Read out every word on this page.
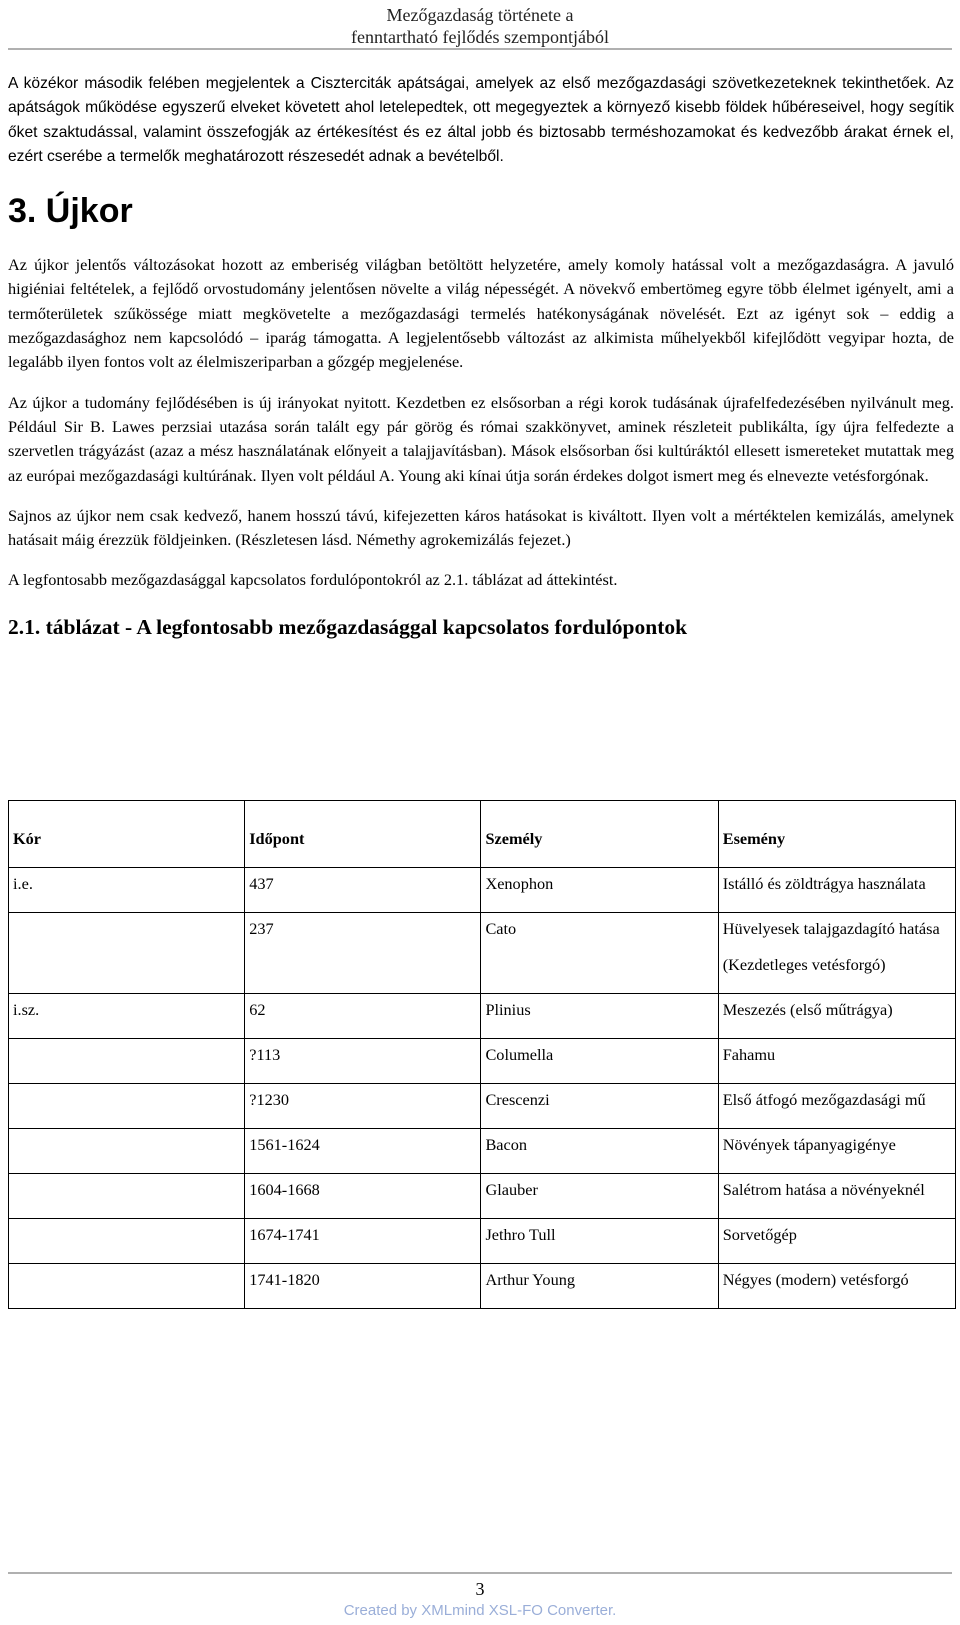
Mezőgazdaság története a
fenntartható fejlődés szempontjából

A közékor második felében megjelentek a Ciszterciták apátságai, amelyek az első mezőgazdasági szövetkezeteknek tekinthetőek. Az apátságok működése egyszerű elveket követett ahol letelepedtek, ott megegyeztek a környező kisebb földek hűbéreseivel, hogy segítik őket szaktudással, valamint összefogják az értékesítést és ez által jobb és biztosabb terméshozamokat és kedvezőbb árakat érnek el, ezért cserébe a termelők meghatározott részesedét adnak a bevételből.

3. Újkor

Az újkor jelentős változásokat hozott az emberiség világban betöltött helyzetére, amely komoly hatással volt a mezőgazdaságra. A javuló higiéniai feltételek, a fejlődő orvostudomány jelentősen növelte a világ népességét. A növekvő embertömeg egyre több élelmet igényelt, ami a termőterületek szűkössége miatt megkövetelte a mezőgazdasági termelés hatékonyságának növelését. Ezt az igényt sok – eddig a mezőgazdasághoz nem kapcsolódó – iparág támogatta. A legjelentősebb változást az alkimista műhelyekből kifejlődött vegyipar hozta, de legalább ilyen fontos volt az élelmiszeriparban a gőzgép megjelenése.

Az újkor a tudomány fejlődésében is új irányokat nyitott. Kezdetben ez elsősorban a régi korok tudásának újrafelfedezésében nyilvánult meg. Például Sir B. Lawes perzsiai utazása során talált egy pár görög és római szakkönyvet, aminek részleteit publikálta, így újra felfedezte a szervetlen trágyázást (azaz a mész használatának előnyeit a talajjavításban). Mások elsősorban ősi kultúráktól ellesett ismereteket mutattak meg az európai mezőgazdasági kultúrának. Ilyen volt például A. Young aki kínai útja során érdekes dolgot ismert meg és elnevezte vetésforgónak.

Sajnos az újkor nem csak kedvező, hanem hosszú távú, kifejezetten káros hatásokat is kiváltott. Ilyen volt a mértéktelen kemizálás, amelynek hatásait máig érezzük földjeinken. (Részletesen lásd. Némethy agrokemizálás fejezet.)

A legfontosabb mezőgazdasággal kapcsolatos fordulópontokról az 2.1. táblázat ad áttekintést.

2.1. táblázat - A legfontosabb mezőgazdasággal kapcsolatos fordulópontok
Kór	Időpont	Személy	Esemény

i.e.	437	Xenophon	Istálló és zöldtrágya használata

	237	Cato	Hüvelyesek talajgazdagító hatása
(Kezdetleges vetésforgó)

i.sz.	62	Plinius	Meszezés (első műtrágya)

	?113	Columella	Fahamu

	?1230	Crescenzi	Első átfogó mezőgazdasági mű

	1561-1624	Bacon	Növények tápanyagigénye

	1604-1668	Glauber	Salétrom hatása a növényeknél

	1674-1741	Jethro Tull	Sorvetőgép

	1741-1820	Arthur Young	Négyes (modern) vetésforgó
3
Created by XMLmind XSL-FO Converter.
